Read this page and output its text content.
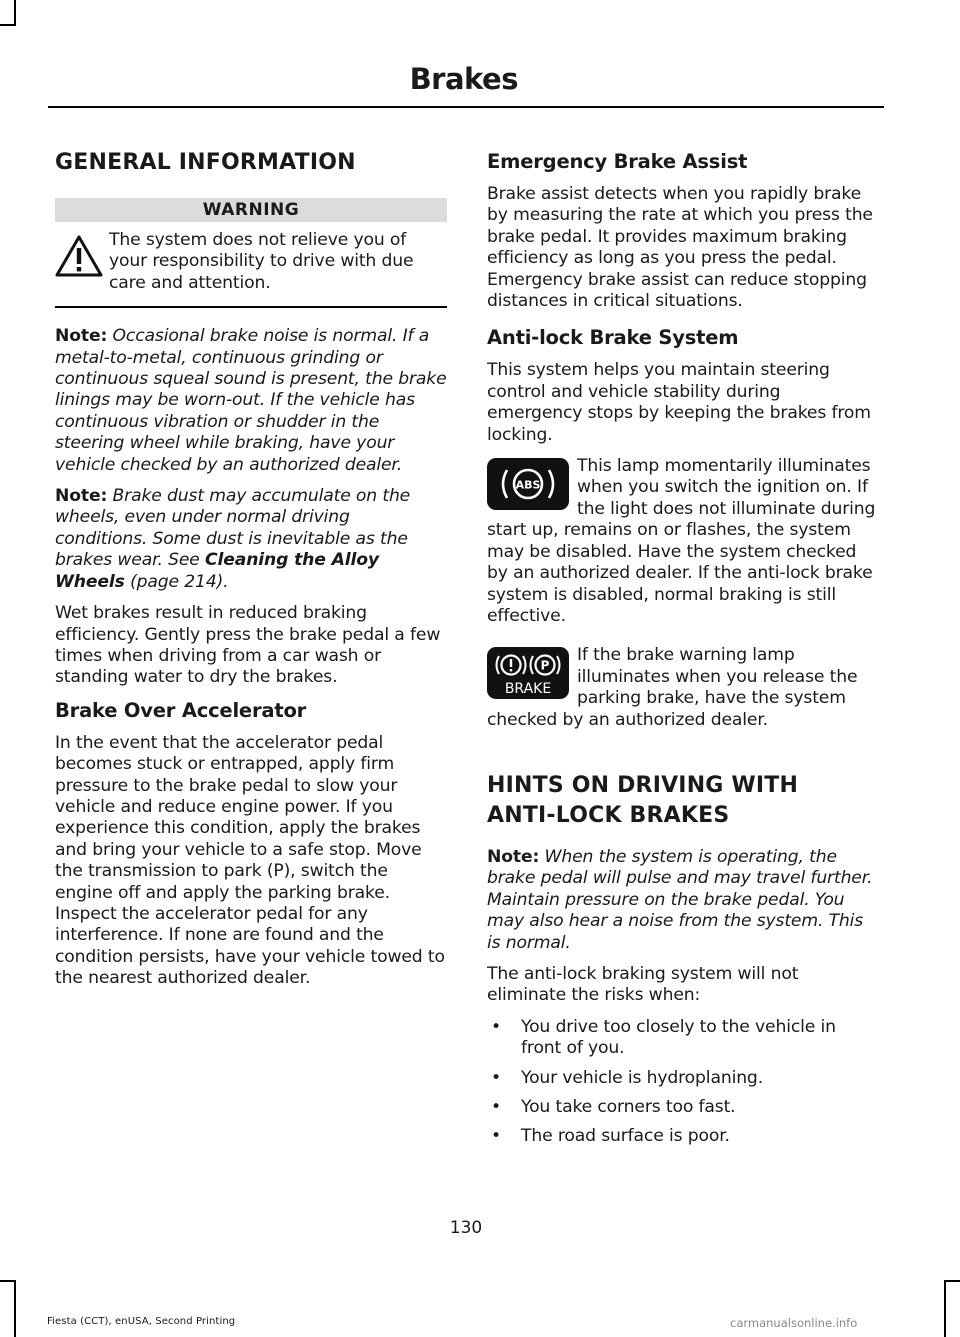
Brakes
GENERAL INFORMATION
WARNING

The system does not relieve you of your responsibility to drive with due care and attention.

Note: Occasional brake noise is normal. If a metal-to-metal, continuous grinding or continuous squeal sound is present, the brake linings may be worn-out. If the vehicle has continuous vibration or shudder in the steering wheel while braking, have your vehicle checked by an authorized dealer.

Note: Brake dust may accumulate on the wheels, even under normal driving conditions. Some dust is inevitable as the brakes wear. See Cleaning the Alloy Wheels (page 214).

Wet brakes result in reduced braking efficiency. Gently press the brake pedal a few times when driving from a car wash or standing water to dry the brakes.

Brake Over Accelerator

In the event that the accelerator pedal becomes stuck or entrapped, apply firm pressure to the brake pedal to slow your vehicle and reduce engine power. If you experience this condition, apply the brakes and bring your vehicle to a safe stop. Move the transmission to park (P), switch the engine off and apply the parking brake. Inspect the accelerator pedal for any interference. If none are found and the condition persists, have your vehicle towed to the nearest authorized dealer.

Emergency Brake Assist

Brake assist detects when you rapidly brake by measuring the rate at which you press the brake pedal. It provides maximum braking efficiency as long as you press the pedal. Emergency brake assist can reduce stopping distances in critical situations.

Anti-lock Brake System

This system helps you maintain steering control and vehicle stability during emergency stops by keeping the brakes from locking.

ABS

This lamp momentarily illuminates when you switch the ignition on. If the light does not illuminate during start up, remains on or flashes, the system may be disabled. Have the system checked by an authorized dealer. If the anti-lock brake system is disabled, normal braking is still effective.

P
BRAKE

If the brake warning lamp illuminates when you release the parking brake, have the system checked by an authorized dealer.

HINTS ON DRIVING WITH ANTI-LOCK BRAKES

Note: When the system is operating, the brake pedal will pulse and may travel further. Maintain pressure on the brake pedal. You may also hear a noise from the system. This is normal.

The anti-lock braking system will not eliminate the risks when:

• You drive too closely to the vehicle in front of you.
• Your vehicle is hydroplaning.
• You take corners too fast.
• The road surface is poor.
130
Fiesta (CCT), enUSA, Second Printing	carmanualsonline.info
